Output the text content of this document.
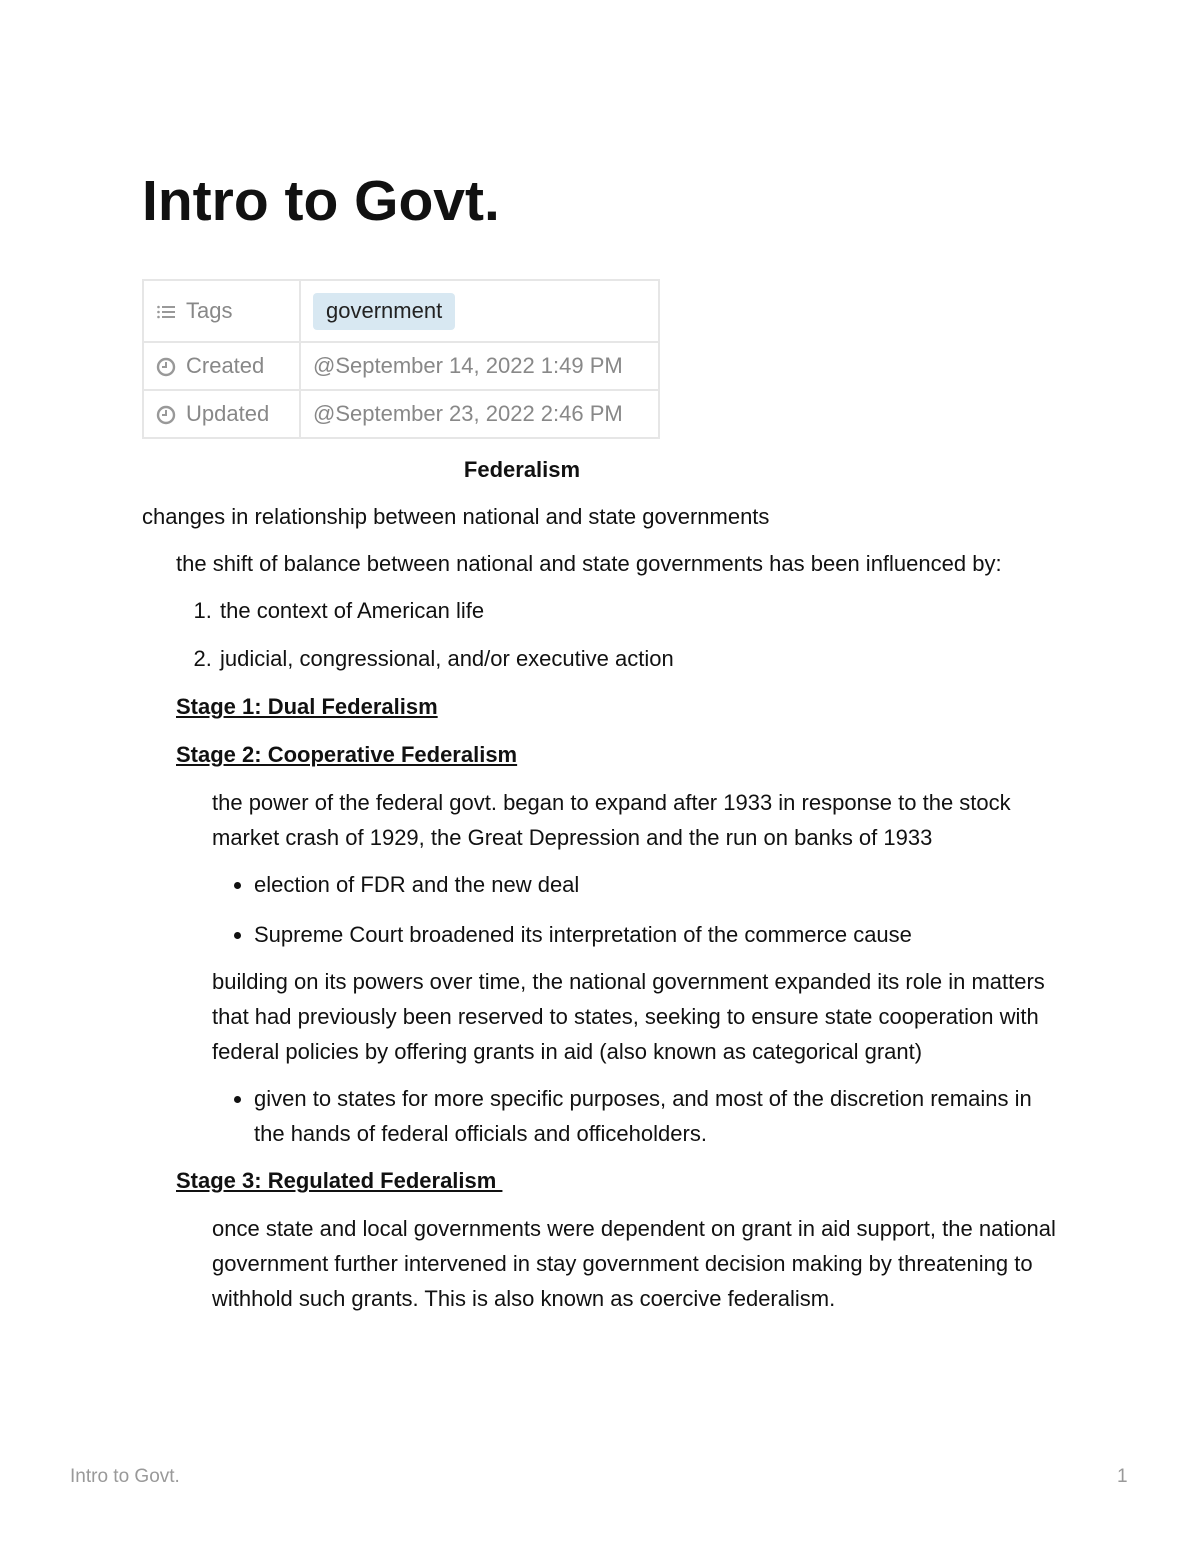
Intro to Govt.
Tags	government

Created	@September 14, 2022 1:49 PM

Updated	@September 23, 2022 2:46 PM
Federalism

changes in relationship between national and state governments

the shift of balance between national and state governments has been influenced by:

1. the context of American life
2. judicial, congressional, and/or executive action
Stage 1: Dual Federalism
Stage 2: Cooperative Federalism

the power of the federal govt. began to expand after 1933 in response to the stock market crash of 1929, the Great Depression and the run on banks of 1933

• election of FDR and the new deal
• Supreme Court broadened its interpretation of the commerce cause

building on its powers over time, the national government expanded its role in matters that had previously been reserved to states, seeking to ensure state cooperation with federal policies by offering grants in aid (also known as categorical grant)

• given to states for more specific purposes, and most of the discretion remains in the hands of federal officials and officeholders.
Stage 3: Regulated Federalism

once state and local governments were dependent on grant in aid support, the national government further intervened in stay government decision making by threatening to withhold such grants. This is also known as coercive federalism.

Intro to Govt.	1
